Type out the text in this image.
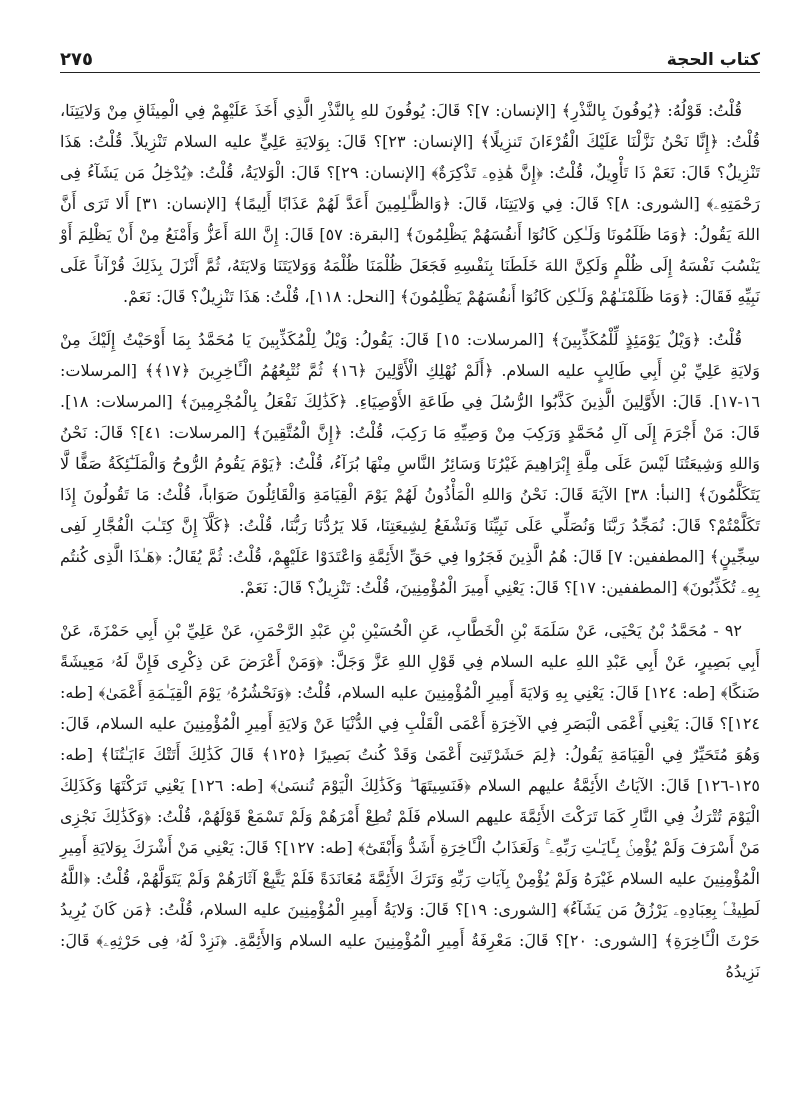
كتاب الحجة
٢٧٥

قُلْتُ: قَوْلُهُ: ﴿يُوفُونَ بِالنَّذْرِ﴾ [الإنسان: ٧]؟ قَالَ: يُوفُونَ للهِ بِالنَّذْرِ الَّذِي أَخَذَ عَلَيْهِمْ فِي الْمِيثَاقِ مِنْ وَلايَتِنَا، قُلْتُ: ﴿إِنَّا نَحْنُ نَزَّلْنَا عَلَيْكَ الْقُرْءَانَ تَنزِيلًا﴾ [الإنسان: ٢٣]؟ قَالَ: بِوَلايَةِ عَلِيٍّ عليه السلام تَنْزِيلاً. قُلْتُ: هَذَا تَنْزِيلٌ؟ قَالَ: نَعَمْ ذَا تَأْوِيلٌ، قُلْتُ: ﴿إِنَّ هَٰذِهِۦ تَذْكِرَةٌ﴾ [الإنسان: ٢٩]؟ قَالَ: الْوَلايَةُ، قُلْتُ: ﴿يُدْخِلُ مَن يَشَآءُ فِى رَحْمَتِهِۦ﴾ [الشورى: ٨]؟ قَالَ: فِي وَلايَتِنَا، قَالَ: ﴿وَالظَّـٰلِمِينَ أَعَدَّ لَهُمْ عَذَابًا أَلِيمًا﴾ [الإنسان: ٣١] أَلا تَرَى أَنَّ اللهَ يَقُولُ: ﴿وَمَا ظَلَمُونَا وَلَـٰكِن كَانُوٓا أَنفُسَهُمْ يَظْلِمُونَ﴾ [البقرة: ٥٧] قَالَ: إِنَّ اللهَ أَعَزُّ وَأَمْنَعُ مِنْ أَنْ يَظْلِمَ أَوْ يَنْسُبَ نَفْسَهُ إِلَى ظُلْمٍ وَلَكِنَّ اللهَ خَلَطَنَا بِنَفْسِهِ فَجَعَلَ ظُلْمَنَا ظُلْمَهُ وَوَلايَتَنَا وَلايَتَهُ، ثُمَّ أَنْزَلَ بِذَلِكَ قُرْآناً عَلَى نَبِيِّهِ فَقَالَ: ﴿وَمَا ظَلَمْنَـٰهُمْ وَلَـٰكِن كَانُوٓا أَنفُسَهُمْ يَظْلِمُونَ﴾ [النحل: ١١٨]، قُلْتُ: هَذَا تَنْزِيلٌ؟ قَالَ: نَعَمْ.

قُلْتُ: ﴿وَيْلٌ يَوْمَئِذٍ لِّلْمُكَذِّبِينَ﴾ [المرسلات: ١٥] قَالَ: يَقُولُ: وَيْلٌ لِلْمُكَذِّبِينَ يَا مُحَمَّدُ بِمَا أَوْحَيْتُ إِلَيْكَ مِنْ وَلايَةِ عَلِيِّ بْنِ أَبِي طَالِبٍ عليه السلام. ﴿أَلَمْ نُهْلِكِ الْأَوَّلِينَ ﴿١٦﴾ ثُمَّ نُتْبِعُهُمُ الْـَٔاخِرِينَ ﴿١٧﴾﴾ [المرسلات: ١٦-١٧]. قَالَ: الأَوَّلِينَ الَّذِينَ كَذَّبُوا الرُّسُلَ فِي طَاعَةِ الأَوْصِيَاءِ. ﴿كَذَٰلِكَ نَفْعَلُ بِالْمُجْرِمِينَ﴾ [المرسلات: ١٨]. قَالَ: مَنْ أَجْرَمَ إِلَى آلِ مُحَمَّدٍ وَرَكِبَ مِنْ وَصِيِّهِ مَا رَكِبَ، قُلْتُ: ﴿إِنَّ الْمُتَّقِينَ﴾ [المرسلات: ٤١]؟ قَالَ: نَحْنُ وَاللهِ وَشِيعَتُنَا لَيْسَ عَلَى مِلَّةِ إِبْرَاهِيمَ غَيْرُنَا وَسَائِرُ النَّاسِ مِنْهَا بُرَآءُ، قُلْتُ: ﴿يَوْمَ يَقُومُ الرُّوحُ وَالْمَلَـٰٓئِكَةُ صَفًّا لَّا يَتَكَلَّمُونَ﴾ [النبأ: ٣٨] الآيَةَ قَالَ: نَحْنُ وَاللهِ الْمَأْذُونُ لَهُمْ يَوْمَ الْقِيَامَةِ وَالْقَائِلُونَ صَوَاباً، قُلْتُ: مَا تَقُولُونَ إِذَا تَكَلَّمْتُمْ؟ قَالَ: نُمَجِّدُ رَبَّنَا وَنُصَلِّي عَلَى نَبِيِّنَا وَنَشْفَعُ لِشِيعَتِنَا، فَلا يَرُدُّنَا رَبُّنَا، قُلْتُ: ﴿كَلَّآ إِنَّ كِتَـٰبَ الْفُجَّارِ لَفِى سِجِّينٍ﴾ [المطففين: ٧] قَالَ: هُمُ الَّذِينَ فَجَرُوا فِي حَقِّ الأَئِمَّةِ وَاعْتَدَوْا عَلَيْهِمْ، قُلْتُ: ثُمَّ يُقَالُ: ﴿هَـٰذَا الَّذِى كُنتُم بِهِۦ تُكَذِّبُونَ﴾ [المطففين: ١٧]؟ قَالَ: يَعْنِي أَمِيرَ الْمُؤْمِنِينَ، قُلْتُ: تَنْزِيلٌ؟ قَالَ: نَعَمْ.

٩٢ - مُحَمَّدُ بْنُ يَحْيَى، عَنْ سَلَمَةَ بْنِ الْخَطَّابِ، عَنِ الْحُسَيْنِ بْنِ عَبْدِ الرَّحْمَنِ، عَنْ عَلِيِّ بْنِ أَبِي حَمْزَةَ، عَنْ أَبِي بَصِيرٍ، عَنْ أَبِي عَبْدِ اللهِ عليه السلام فِي قَوْلِ اللهِ عَزَّ وَجَلَّ: ﴿وَمَنْ أَعْرَضَ عَن ذِكْرِى فَإِنَّ لَهُۥ مَعِيشَةً ضَنكًا﴾ [طه: ١٢٤] قَالَ: يَعْنِي بِهِ وَلايَةَ أَمِيرِ الْمُؤْمِنِينَ عليه السلام، قُلْتُ: ﴿وَنَحْشُرُهُۥ يَوْمَ الْقِيَـٰمَةِ أَعْمَىٰ﴾ [طه: ١٢٤]؟ قَالَ: يَعْنِي أَعْمَى الْبَصَرِ فِي الآخِرَةِ أَعْمَى الْقَلْبِ فِي الدُّنْيَا عَنْ وَلايَةِ أَمِيرِ الْمُؤْمِنِينَ عليه السلام، قَالَ: وَهُوَ مُتَحَيِّرٌ فِي الْقِيَامَةِ يَقُولُ: ﴿لِمَ حَشَرْتَنِىٓ أَعْمَىٰ وَقَدْ كُنتُ بَصِيرًا ﴿١٢٥﴾ قَالَ كَذَٰلِكَ أَتَتْكَ ءَايَـٰتُنَا﴾ [طه: ١٢٥-١٢٦] قَالَ: الآيَاتُ الأَئِمَّةُ عليهم السلام ﴿فَنَسِيتَهَا ۖ وَكَذَٰلِكَ الْيَوْمَ تُنسَىٰ﴾ [طه: ١٢٦] يَعْنِي تَرَكْتَهَا وَكَذَلِكَ الْيَوْمَ تُتْرَكُ فِي النَّارِ كَمَا تَرَكْتَ الأَئِمَّةَ عليهم السلام فَلَمْ تُطِعْ أَمْرَهُمْ وَلَمْ تَسْمَعْ قَوْلَهُمْ، قُلْتُ: ﴿وَكَذَٰلِكَ نَجْزِى مَنْ أَسْرَفَ وَلَمْ يُؤْمِنۢ بِـَٔايَـٰتِ رَبِّهِۦ ۚ وَلَعَذَابُ الْـَٔاخِرَةِ أَشَدُّ وَأَبْقَىٰٓ﴾ [طه: ١٢٧]؟ قَالَ: يَعْنِي مَنْ أَشْرَكَ بِوَلايَةِ أَمِيرِ الْمُؤْمِنِينَ عليه السلام غَيْرَهُ وَلَمْ يُؤْمِنْ بِآيَاتِ رَبِّهِ وَتَرَكَ الأَئِمَّةَ مُعَانَدَةً فَلَمْ يَتَّبِعْ آثَارَهُمْ وَلَمْ يَتَوَلَّهُمْ، قُلْتُ: ﴿اللَّهُ لَطِيفٌۢ بِعِبَادِهِۦ يَرْزُقُ مَن يَشَآءُ﴾ [الشورى: ١٩]؟ قَالَ: وَلايَةُ أَمِيرِ الْمُؤْمِنِينَ عليه السلام، قُلْتُ: ﴿مَن كَانَ يُرِيدُ حَرْثَ الْـَٔاخِرَةِ﴾ [الشورى: ٢٠]؟ قَالَ: مَعْرِفَةُ أَمِيرِ الْمُؤْمِنِينَ عليه السلام وَالأَئِمَّةِ. ﴿نَزِدْ لَهُۥ فِى حَرْثِهِۦ﴾ قَالَ: نَزِيدُهُ
